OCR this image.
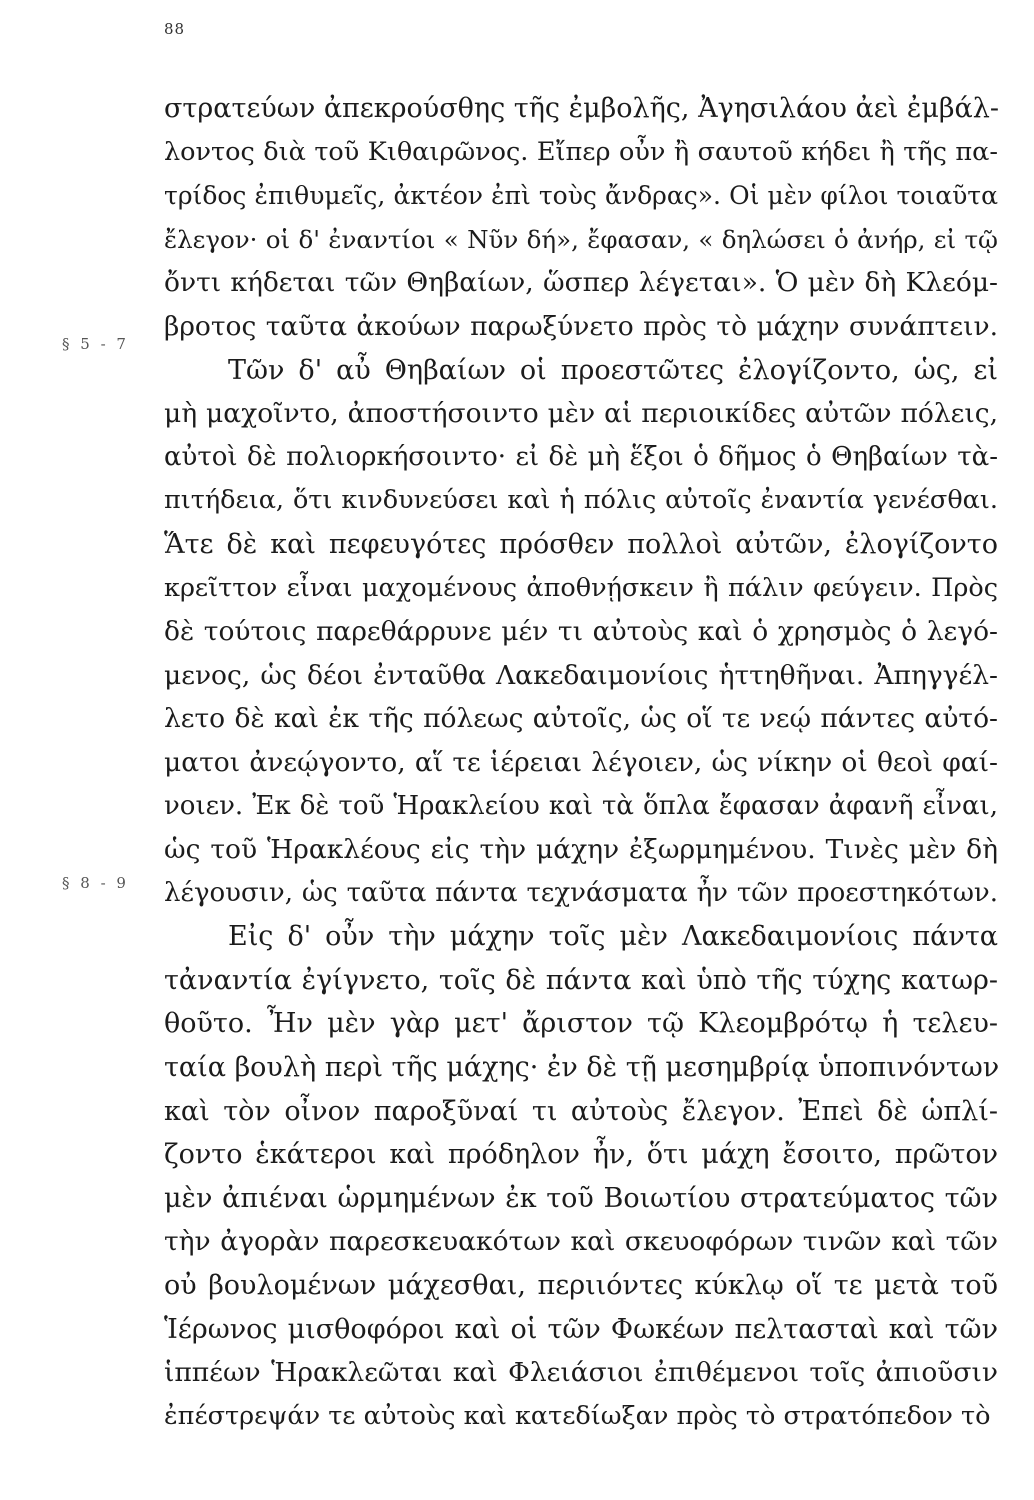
88
στρατεύων ἀπεκρούσθης τῆς ἐμβολῆς, Ἀγησιλάου ἀεὶ ἐμβάλ-
λοντος διὰ τοῦ Κιθαιρῶνος. Εἴπερ οὖν ἢ σαυτοῦ κήδει ἢ τῆς πα-
τρίδος ἐπιθυμεῖς, ἀκτέον ἐπὶ τοὺς ἄνδρας». Οἱ μὲν φίλοι τοιαῦτα
ἔλεγον· οἱ δ' ἐναντίοι « Νῦν δή», ἔφασαν, « δηλώσει ὁ ἀνήρ, εἰ τῷ
ὄντι κήδεται τῶν Θηβαίων, ὥσπερ λέγεται». Ὁ μὲν δὴ Κλεόμ-
βροτος ταῦτα ἀκούων παρωξύνετο πρὸς τὸ μάχην συνάπτειν.
Τῶν δ' αὖ Θηβαίων οἱ προεστῶτες ἐλογίζοντο, ὡς, εἰ
μὴ μαχοῖντο, ἀποστήσοιντο μὲν αἱ περιοικίδες αὐτῶν πόλεις,
αὐτοὶ δὲ πολιορκήσοιντο· εἰ δὲ μὴ ἕξοι ὁ δῆμος ὁ Θηβαίων τὰ-
πιτήδεια, ὅτι κινδυνεύσει καὶ ἡ πόλις αὐτοῖς ἐναντία γενέσθαι.
Ἅτε δὲ καὶ πεφευγότες πρόσθεν πολλοὶ αὐτῶν, ἐλογίζοντο
κρεῖττον εἶναι μαχομένους ἀποθνῄσκειν ἢ πάλιν φεύγειν. Πρὸς
δὲ τούτοις παρεθάρρυνε μέν τι αὐτοὺς καὶ ὁ χρησμὸς ὁ λεγό-
μενος, ὡς δέοι ἐνταῦθα Λακεδαιμονίοις ἡττηθῆναι. Ἀπηγγέλ-
λετο δὲ καὶ ἐκ τῆς πόλεως αὐτοῖς, ὡς οἵ τε νεῴ πάντες αὐτό-
ματοι ἀνεῴγοντο, αἵ τε ἱέρειαι λέγοιεν, ὡς νίκην οἱ θεοὶ φαί-
νοιεν. Ἐκ δὲ τοῦ Ἡρακλείου καὶ τὰ ὅπλα ἔφασαν ἀφανῆ εἶναι,
ὡς τοῦ Ἡρακλέους εἰς τὴν μάχην ἐξωρμημένου. Τινὲς μὲν δὴ
λέγουσιν, ὡς ταῦτα πάντα τεχνάσματα ἦν τῶν προεστηκότων.
Εἰς δ' οὖν τὴν μάχην τοῖς μὲν Λακεδαιμονίοις πάντα
τἀναντία ἐγίγνετο, τοῖς δὲ πάντα καὶ ὑπὸ τῆς τύχης κατωρ-
θοῦτο. Ἦν μὲν γὰρ μετ' ἄριστον τῷ Κλεομβρότῳ ἡ τελευ-
ταία βουλὴ περὶ τῆς μάχης· ἐν δὲ τῇ μεσημβρίᾳ ὑποπινόντων
καὶ τὸν οἶνον παροξῦναί τι αὐτοὺς ἔλεγον. Ἐπεὶ δὲ ὡπλί-
ζοντο ἑκάτεροι καὶ πρόδηλον ἦν, ὅτι μάχη ἔσοιτο, πρῶτον
μὲν ἀπιέναι ὡρμημένων ἐκ τοῦ Βοιωτίου στρατεύματος τῶν
τὴν ἀγορὰν παρεσκευακότων καὶ σκευοφόρων τινῶν καὶ τῶν
οὐ βουλομένων μάχεσθαι, περιιόντες κύκλῳ οἵ τε μετὰ τοῦ
Ἱέρωνος μισθοφόροι καὶ οἱ τῶν Φωκέων πελτασταὶ καὶ τῶν
ἱππέων Ἡρακλεῶται καὶ Φλειάσιοι ἐπιθέμενοι τοῖς ἀπιοῦσιν
ἐπέστρεψάν τε αὐτοὺς καὶ κατεδίωξαν πρὸς τὸ στρατόπεδον τὸ
§ 5 - 7
§ 8 - 9
